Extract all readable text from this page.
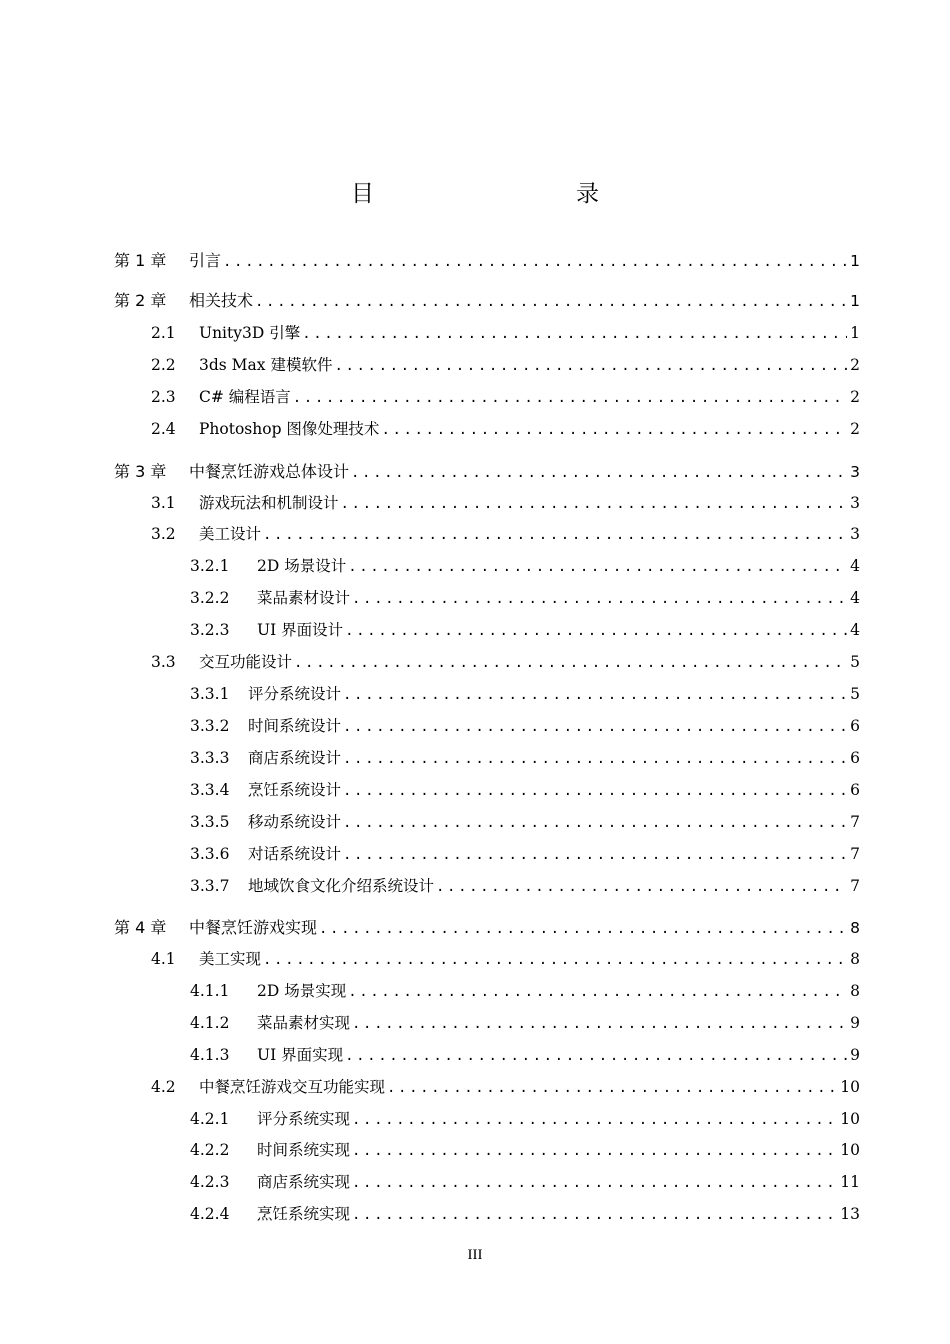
目　　录
第 1 章	引言 .....	1
第 2 章	相关技术 .....	1
2.1	Unity3D 引擎 .....	1
2.2	3ds Max 建模软件 .....	2
2.3	C# 编程语言 .....	2
2.4	Photoshop 图像处理技术 .....	2
第 3 章	中餐烹饪游戏总体设计 .....	3
3.1	游戏玩法和机制设计 .....	3
3.2	美工设计 .....	3
3.2.1	2D 场景设计 .....	4
3.2.2	菜品素材设计 .....	4
3.2.3	UI 界面设计 .....	4
3.3	交互功能设计 .....	5
3.3.1	评分系统设计 .....	5
3.3.2	时间系统设计 .....	6
3.3.3	商店系统设计 .....	6
3.3.4	烹饪系统设计 .....	6
3.3.5	移动系统设计 .....	7
3.3.6	对话系统设计 .....	7
3.3.7	地域饮食文化介绍系统设计 .....	7
第 4 章	中餐烹饪游戏实现 .....	8
4.1	美工实现 .....	8
4.1.1	2D 场景实现 .....	8
4.1.2	菜品素材实现 .....	9
4.1.3	UI 界面实现 .....	9
4.2	中餐烹饪游戏交互功能实现 .....	10
4.2.1	评分系统实现 .....	10
4.2.2	时间系统实现 .....	10
4.2.3	商店系统实现 .....	11
4.2.4	烹饪系统实现 .....	13
III
